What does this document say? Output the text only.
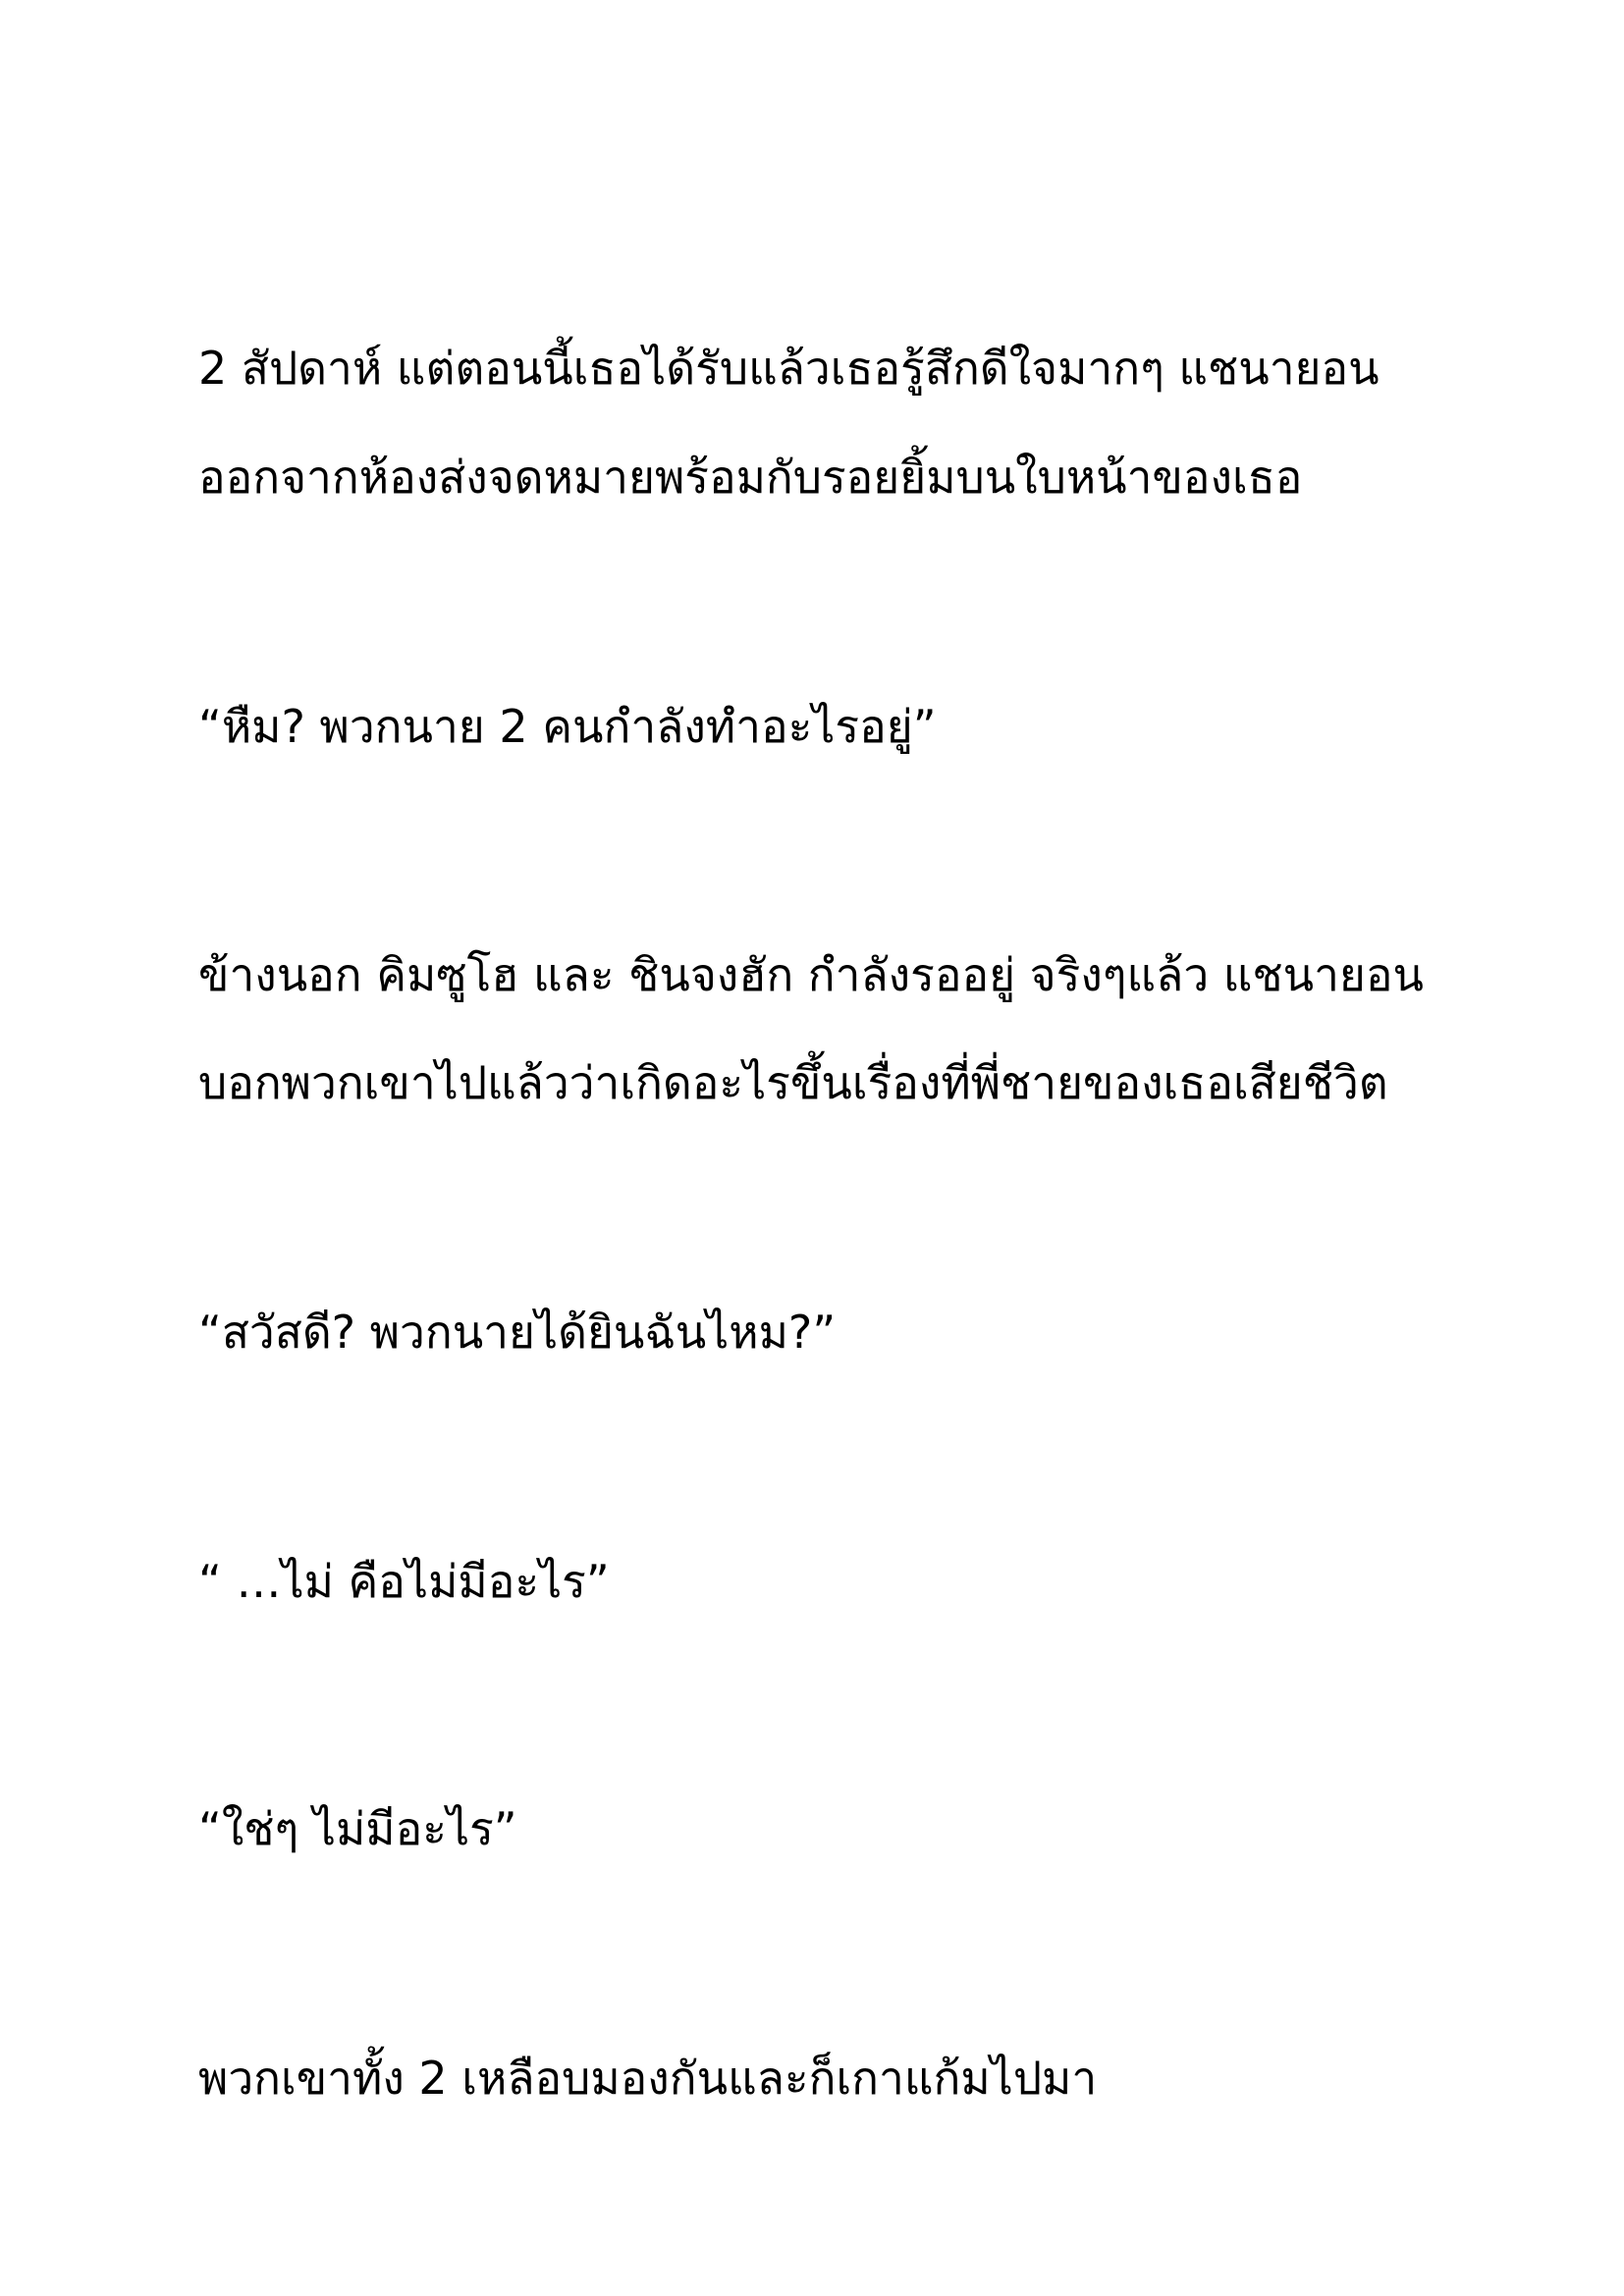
2 สัปดาห์ แต่ตอนนี้เธอได้รับแล้วเธอรู้สึกดีใจมากๆ แชนายอน

ออกจากห้องส่งจดหมายพร้อมกับรอยยิ้มบนใบหน้าของเธอ

“หืม? พวกนาย 2 คนกำลังทำอะไรอยู่”

ข้างนอก คิมซูโฮ และ ชินจงฮัก กำลังรออยู่ จริงๆแล้ว แชนายอน

บอกพวกเขาไปแล้วว่าเกิดอะไรขึ้นเรื่องที่พี่ชายของเธอเสียชีวิต

“สวัสดี? พวกนายได้ยินฉันไหม?”

“ …ไม่ คือไม่มีอะไร”

“ใช่ๆ ไม่มีอะไร”

พวกเขาทั้ง 2 เหลือบมองกันและก็เกาแก้มไปมา
